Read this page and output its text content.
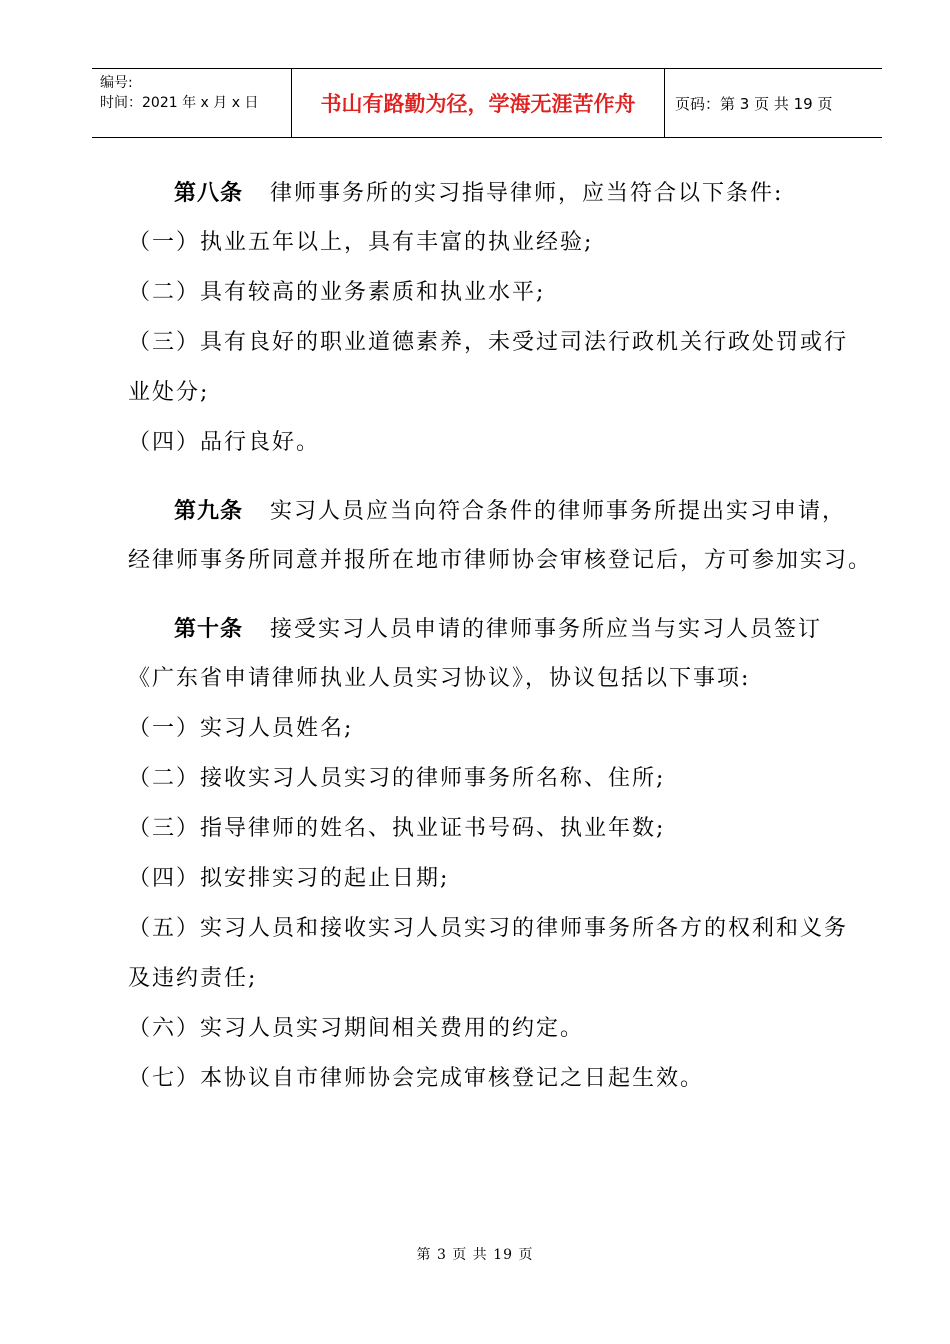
编号:
时间：2021 年 x 月 x 日	书山有路勤为径，学海无涯苦作舟	页码：第 3 页 共 19 页
第八条 律师事务所的实习指导律师，应当符合以下条件:
（一）执业五年以上，具有丰富的执业经验;
（二）具有较高的业务素质和执业水平;
（三）具有良好的职业道德素养，未受过司法行政机关行政处罚或行
业处分;
（四）品行良好。
第九条 实习人员应当向符合条件的律师事务所提出实习申请，
经律师事务所同意并报所在地市律师协会审核登记后，方可参加实习。
第十条 接受实习人员申请的律师事务所应当与实习人员签订
《广东省申请律师执业人员实习协议》，协议包括以下事项:
（一）实习人员姓名;
（二）接收实习人员实习的律师事务所名称、住所;
（三）指导律师的姓名、执业证书号码、执业年数;
（四）拟安排实习的起止日期;
（五）实习人员和接收实习人员实习的律师事务所各方的权利和义务
及违约责任;
（六）实习人员实习期间相关费用的约定。
（七）本协议自市律师协会完成审核登记之日起生效。
第 3 页 共 19 页
